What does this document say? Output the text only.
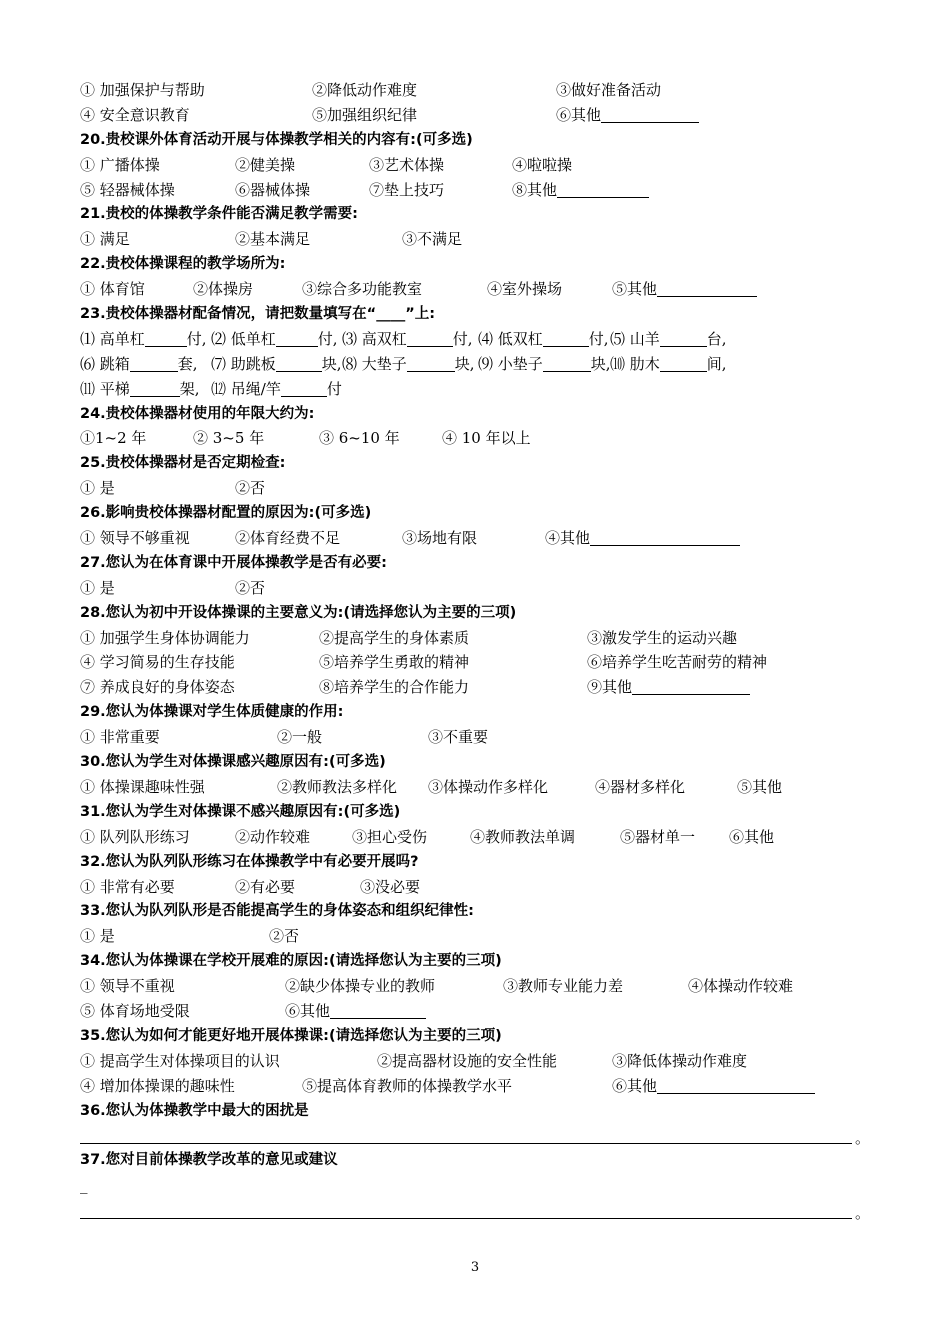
① 加强保护与帮助	②降低动作难度	③做好准备活动
④ 安全意识教育	⑤加强组织纪律	⑥其他
20.贵校课外体育活动开展与体操教学相关的内容有:(可多选)
① 广播体操	②健美操	③艺术体操	④啦啦操
⑤ 轻器械体操	⑥器械体操	⑦垫上技巧	⑧其他
21.贵校的体操教学条件能否满足教学需要:
① 满足	②基本满足	③不满足
22.贵校体操课程的教学场所为:
① 体育馆	②体操房	③综合多功能教室	④室外操场	⑤其他
23.贵校体操器材配备情况，请把数量填写在“____”上:
⑴ 高单杠	付, ⑵ 低单杠	付, ⑶ 高双杠	付, ⑷ 低双杠	付, ⑸ 山羊	台,
⑹ 跳箱	套, ⑺ 助跳板	块, ⑻ 大垫子	块, ⑼ 小垫子	块, ⑽ 肋木	间,
⑾ 平梯	架, ⑿ 吊绳/竿	付
24.贵校体操器材使用的年限大约为:
①1~2 年	② 3~5 年	③ 6~10 年	④ 10 年以上
25.贵校体操器材是否定期检查:
① 是	②否
26.影响贵校体操器材配置的原因为:(可多选)
① 领导不够重视	②体育经费不足	③场地有限	④其他
27.您认为在体育课中开展体操教学是否有必要:
① 是	②否
28.您认为初中开设体操课的主要意义为:(请选择您认为主要的三项)
① 加强学生身体协调能力	②提高学生的身体素质	③激发学生的运动兴趣
④ 学习简易的生存技能	⑤培养学生勇敢的精神	⑥培养学生吃苦耐劳的精神
⑦ 养成良好的身体姿态	⑧培养学生的合作能力	⑨其他
29.您认为体操课对学生体质健康的作用:
① 非常重要	②一般	③不重要
30.您认为学生对体操课感兴趣原因有:(可多选)
① 体操课趣味性强	②教师教法多样化 ③体操动作多样化	④器材多样化	⑤其他
31.您认为学生对体操课不感兴趣原因有:(可多选)
① 队列队形练习	②动作较难	③担心受伤	④教师教法单调	⑤器材单一 ⑥其他
32.您认为队列队形练习在体操教学中有必要开展吗?
① 非常有必要	②有必要	③没必要
33.您认为队列队形是否能提高学生的身体姿态和组织纪律性:
① 是	②否
34.您认为体操课在学校开展难的原因:(请选择您认为主要的三项)
① 领导不重视	②缺少体操专业的教师	③教师专业能力差	④体操动作较难
⑤ 体育场地受限	⑥其他
35.您认为如何才能更好地开展体操课:(请选择您认为主要的三项)
① 提高学生对体操项目的认识	②提高器材设施的安全性能	③降低体操动作难度
④ 增加体操课的趣味性	⑤提高体育教师的体操教学水平	⑥其他
36.您认为体操教学中最大的困扰是
。
37.您对目前体操教学改革的意见或建议
_
。
3
